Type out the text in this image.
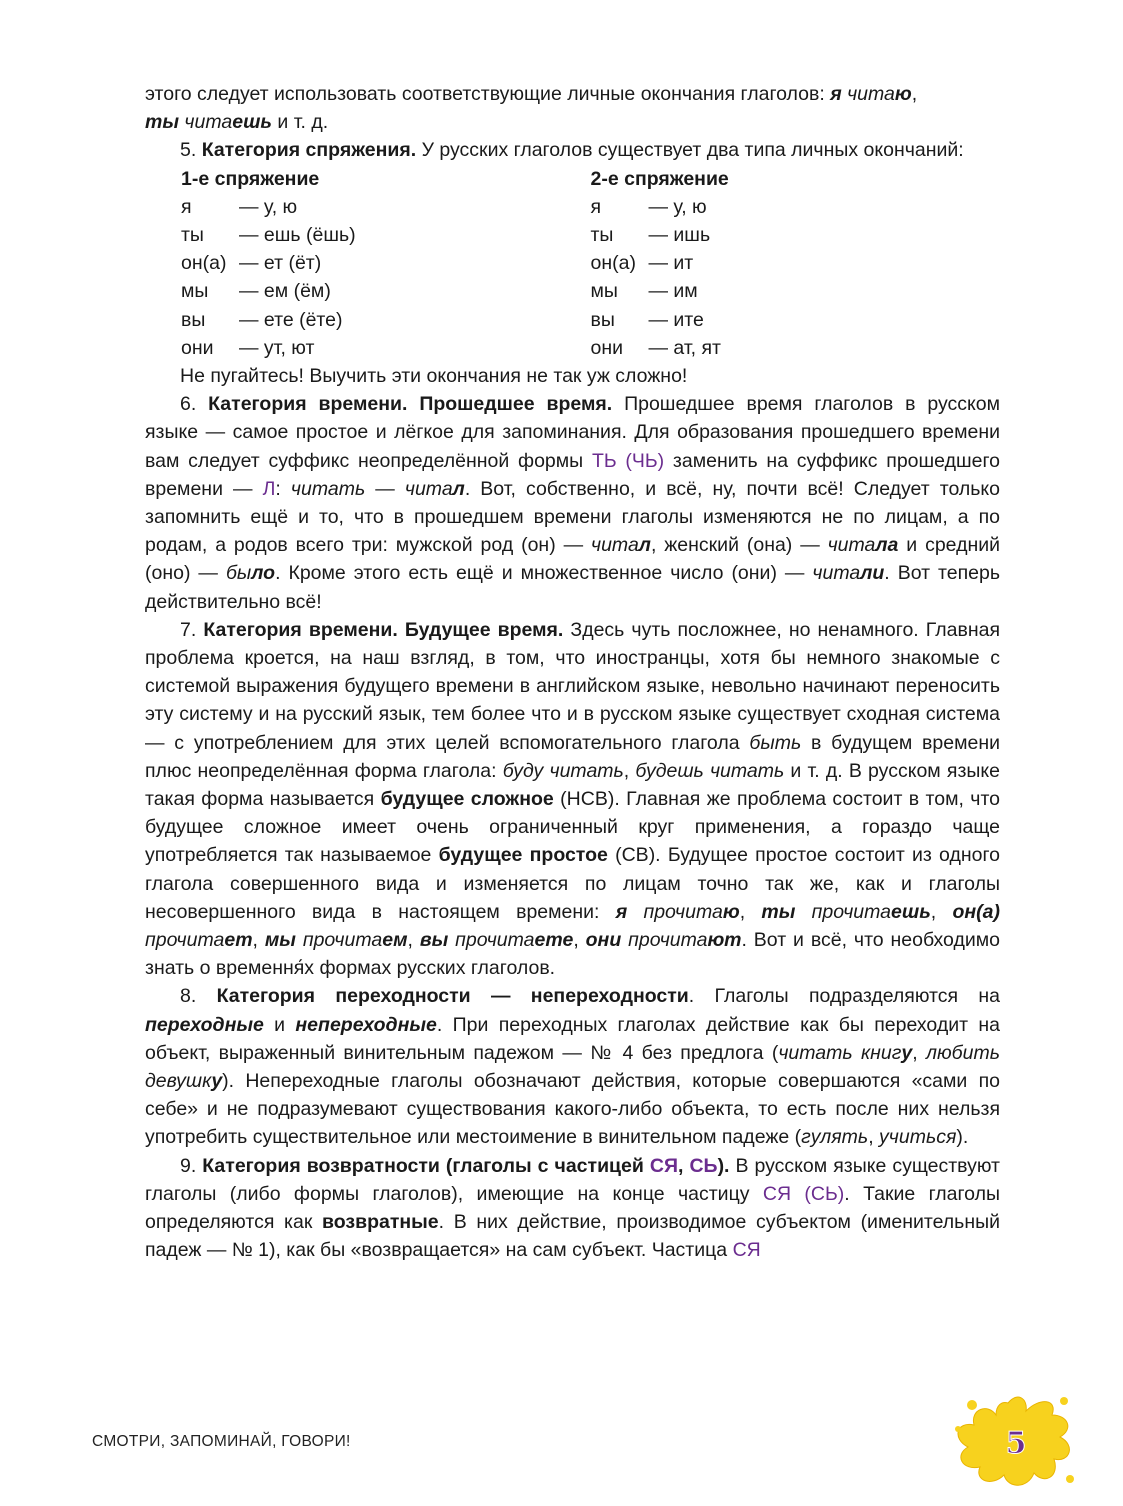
этого следует использовать соответствующие личные окончания глаголов: я читаю,
ты читаешь и т. д.

5. Категория спряжения. У русских глаголов существует два типа личных окончаний:

1-е спряжение
я	— у, ю
ты	— ешь (ёшь)
он(а) — ет (ёт)
мы	— ем (ём)
вы	— ете (ёте)
они	— ут, ют
2-е спряжение
я	— у, ю
ты	— ишь
он(а) — ит
мы	— им
вы	— ите
они	— ат, ят

Не пугайтесь! Выучить эти окончания не так уж сложно!

6. Категория времени. Прошедшее время. Прошедшее время глаголов в русском языке — самое простое и лёгкое для запоминания. Для образования прошедшего времени вам следует суффикс неопределённой формы ТЬ (ЧЬ) заменить на суффикс прошедшего времени — Л: читать — читал. Вот, собственно, и всё, ну, почти всё! Следует только запомнить ещё и то, что в прошедшем времени глаголы изменяются не по лицам, а по родам, а родов всего три: мужской род (он) — читал, женский (она) — читала и средний (оно) — было. Кроме этого есть ещё и множественное число (они) — читали. Вот теперь действительно всё!

7. Категория времени. Будущее время. Здесь чуть посложнее, но ненамного. Главная проблема кроется, на наш взгляд, в том, что иностранцы, хотя бы немного знакомые с системой выражения будущего времени в английском языке, невольно начинают переносить эту систему и на русский язык, тем более что и в русском языке существует сходная система — с употреблением для этих целей вспомогательного глагола быть в будущем времени плюс неопределённая форма глагола: буду читать, будешь читать и т. д. В русском языке такая форма называется будущее сложное (НСВ). Главная же проблема состоит в том, что будущее сложное имеет очень ограниченный круг применения, а гораздо чаще употребляется так называемое будущее простое (СВ). Будущее простое состоит из одного глагола совершенного вида и изменяется по лицам точно так же, как и глаголы несовершенного вида в настоящем времени: я прочитаю, ты прочитаешь, он(а) прочитает, мы прочитаем, вы прочитаете, они прочитают. Вот и всё, что необходимо знать о времення́х формах русских глаголов.

8. Категория переходности — непереходности. Глаголы подразделяются на переходные и непереходные. При переходных глаголах действие как бы переходит на объект, выраженный винительным падежом — № 4 без предлога (читать книгу, любить девушку). Непереходные глаголы обозначают действия, которые совершаются «сами по себе» и не подразумевают существования какого-либо объекта, то есть после них нельзя употребить существительное или местоимение в винительном падеже (гулять, учиться).

9. Категория возвратности (глаголы с частицей СЯ, СЬ). В русском языке существуют глаголы (либо формы глаголов), имеющие на конце частицу СЯ (СЬ). Такие глаголы определяются как возвратные. В них действие, производимое субъектом (именительный падеж — № 1), как бы «возвращается» на сам субъект. Частица СЯ

СМОТРИ, ЗАПОМИНАЙ, ГОВОРИ!	5
